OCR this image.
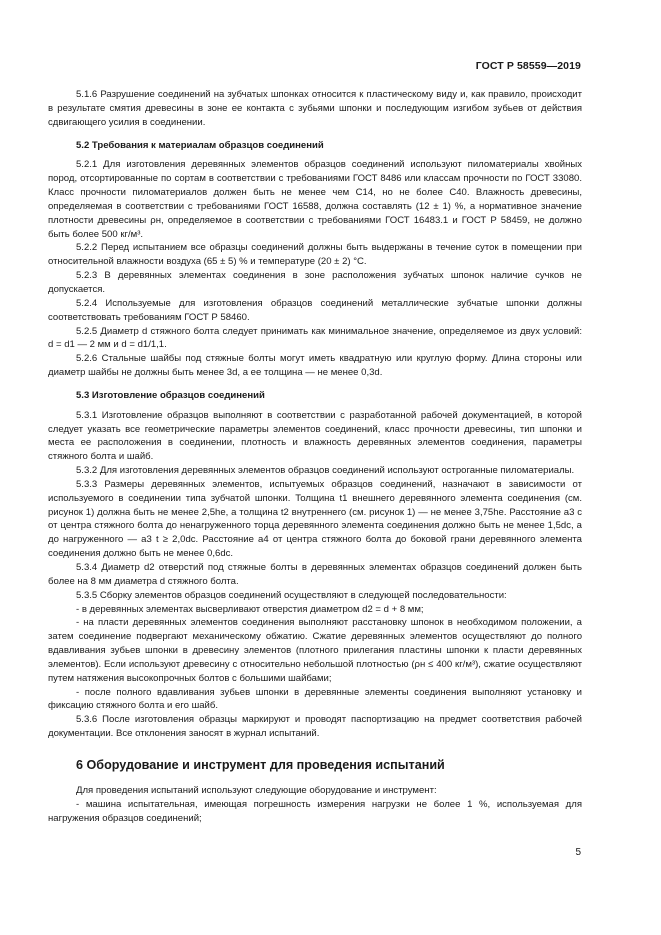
ГОСТ Р 58559—2019

5.1.6 Разрушение соединений на зубчатых шпонках относится к пластическому виду и, как правило, происходит в результате смятия древесины в зоне ее контакта с зубьями шпонки и последующим изгибом зубьев от действия сдвигающего усилия в соединении.

5.2 Требования к материалам образцов соединений

5.2.1 Для изготовления деревянных элементов образцов соединений используют пиломатериалы хвойных пород, отсортированные по сортам в соответствии с требованиями ГОСТ 8486 или классам прочности по ГОСТ 33080. Класс прочности пиломатериалов должен быть не менее чем С14, но не более С40. Влажность древесины, определяемая в соответствии с требованиями ГОСТ 16588, должна составлять (12 ± 1) %, а нормативное значение плотности древесины ρн, определяемое в соответствии с требованиями ГОСТ 16483.1 и ГОСТ Р 58459, не должно быть более 500 кг/м³.

5.2.2 Перед испытанием все образцы соединений должны быть выдержаны в течение суток в помещении при относительной влажности воздуха (65 ± 5) % и температуре (20 ± 2) °С.

5.2.3 В деревянных элементах соединения в зоне расположения зубчатых шпонок наличие сучков не допускается.

5.2.4 Используемые для изготовления образцов соединений металлические зубчатые шпонки должны соответствовать требованиям ГОСТ Р 58460.

5.2.5 Диаметр d стяжного болта следует принимать как минимальное значение, определяемое из двух условий: d = d1 — 2 мм и d = d1/1,1.

5.2.6 Стальные шайбы под стяжные болты могут иметь квадратную или круглую форму. Длина стороны или диаметр шайбы не должны быть менее 3d, а ее толщина — не менее 0,3d.

5.3 Изготовление образцов соединений

5.3.1 Изготовление образцов выполняют в соответствии с разработанной рабочей документацией, в которой следует указать все геометрические параметры элементов соединений, класс прочности древесины, тип шпонки и места ее расположения в соединении, плотность и влажность деревянных элементов соединения, параметры стяжного болта и шайб.

5.3.2 Для изготовления деревянных элементов образцов соединений используют остроганные пиломатериалы.

5.3.3 Размеры деревянных элементов, испытуемых образцов соединений, назначают в зависимости от используемого в соединении типа зубчатой шпонки. Толщина t1 внешнего деревянного элемента соединения (см. рисунок 1) должна быть не менее 2,5he, а толщина t2 внутреннего (см. рисунок 1) — не менее 3,75he. Расстояние a3 c от центра стяжного болта до ненагруженного торца деревянного элемента соединения должно быть не менее 1,5dc, а до нагруженного — a3 t ≥ 2,0dc. Расстояние a4 от центра стяжного болта до боковой грани деревянного элемента соединения должно быть не менее 0,6dc.

5.3.4 Диаметр d2 отверстий под стяжные болты в деревянных элементах образцов соединений должен быть более на 8 мм диаметра d стяжного болта.

5.3.5 Сборку элементов образцов соединений осуществляют в следующей последовательности:

- в деревянных элементах высверливают отверстия диаметром d2 = d + 8 мм;

- на пласти деревянных элементов соединения выполняют расстановку шпонок в необходимом положении, а затем соединение подвергают механическому обжатию. Сжатие деревянных элементов осуществляют до полного вдавливания зубьев шпонки в древесину элементов (плотного прилегания пластины шпонки к пласти деревянных элементов). Если используют древесину с относительно небольшой плотностью (ρн ≤ 400 кг/м³), сжатие осуществляют путем натяжения высокопрочных болтов с большими шайбами;

- после полного вдавливания зубьев шпонки в деревянные элементы соединения выполняют установку и фиксацию стяжного болта и его шайб.

5.3.6 После изготовления образцы маркируют и проводят паспортизацию на предмет соответствия рабочей документации. Все отклонения заносят в журнал испытаний.

6 Оборудование и инструмент для проведения испытаний

Для проведения испытаний используют следующие оборудование и инструмент:

- машина испытательная, имеющая погрешность измерения нагрузки не более 1 %, используемая для нагружения образцов соединений;

5
